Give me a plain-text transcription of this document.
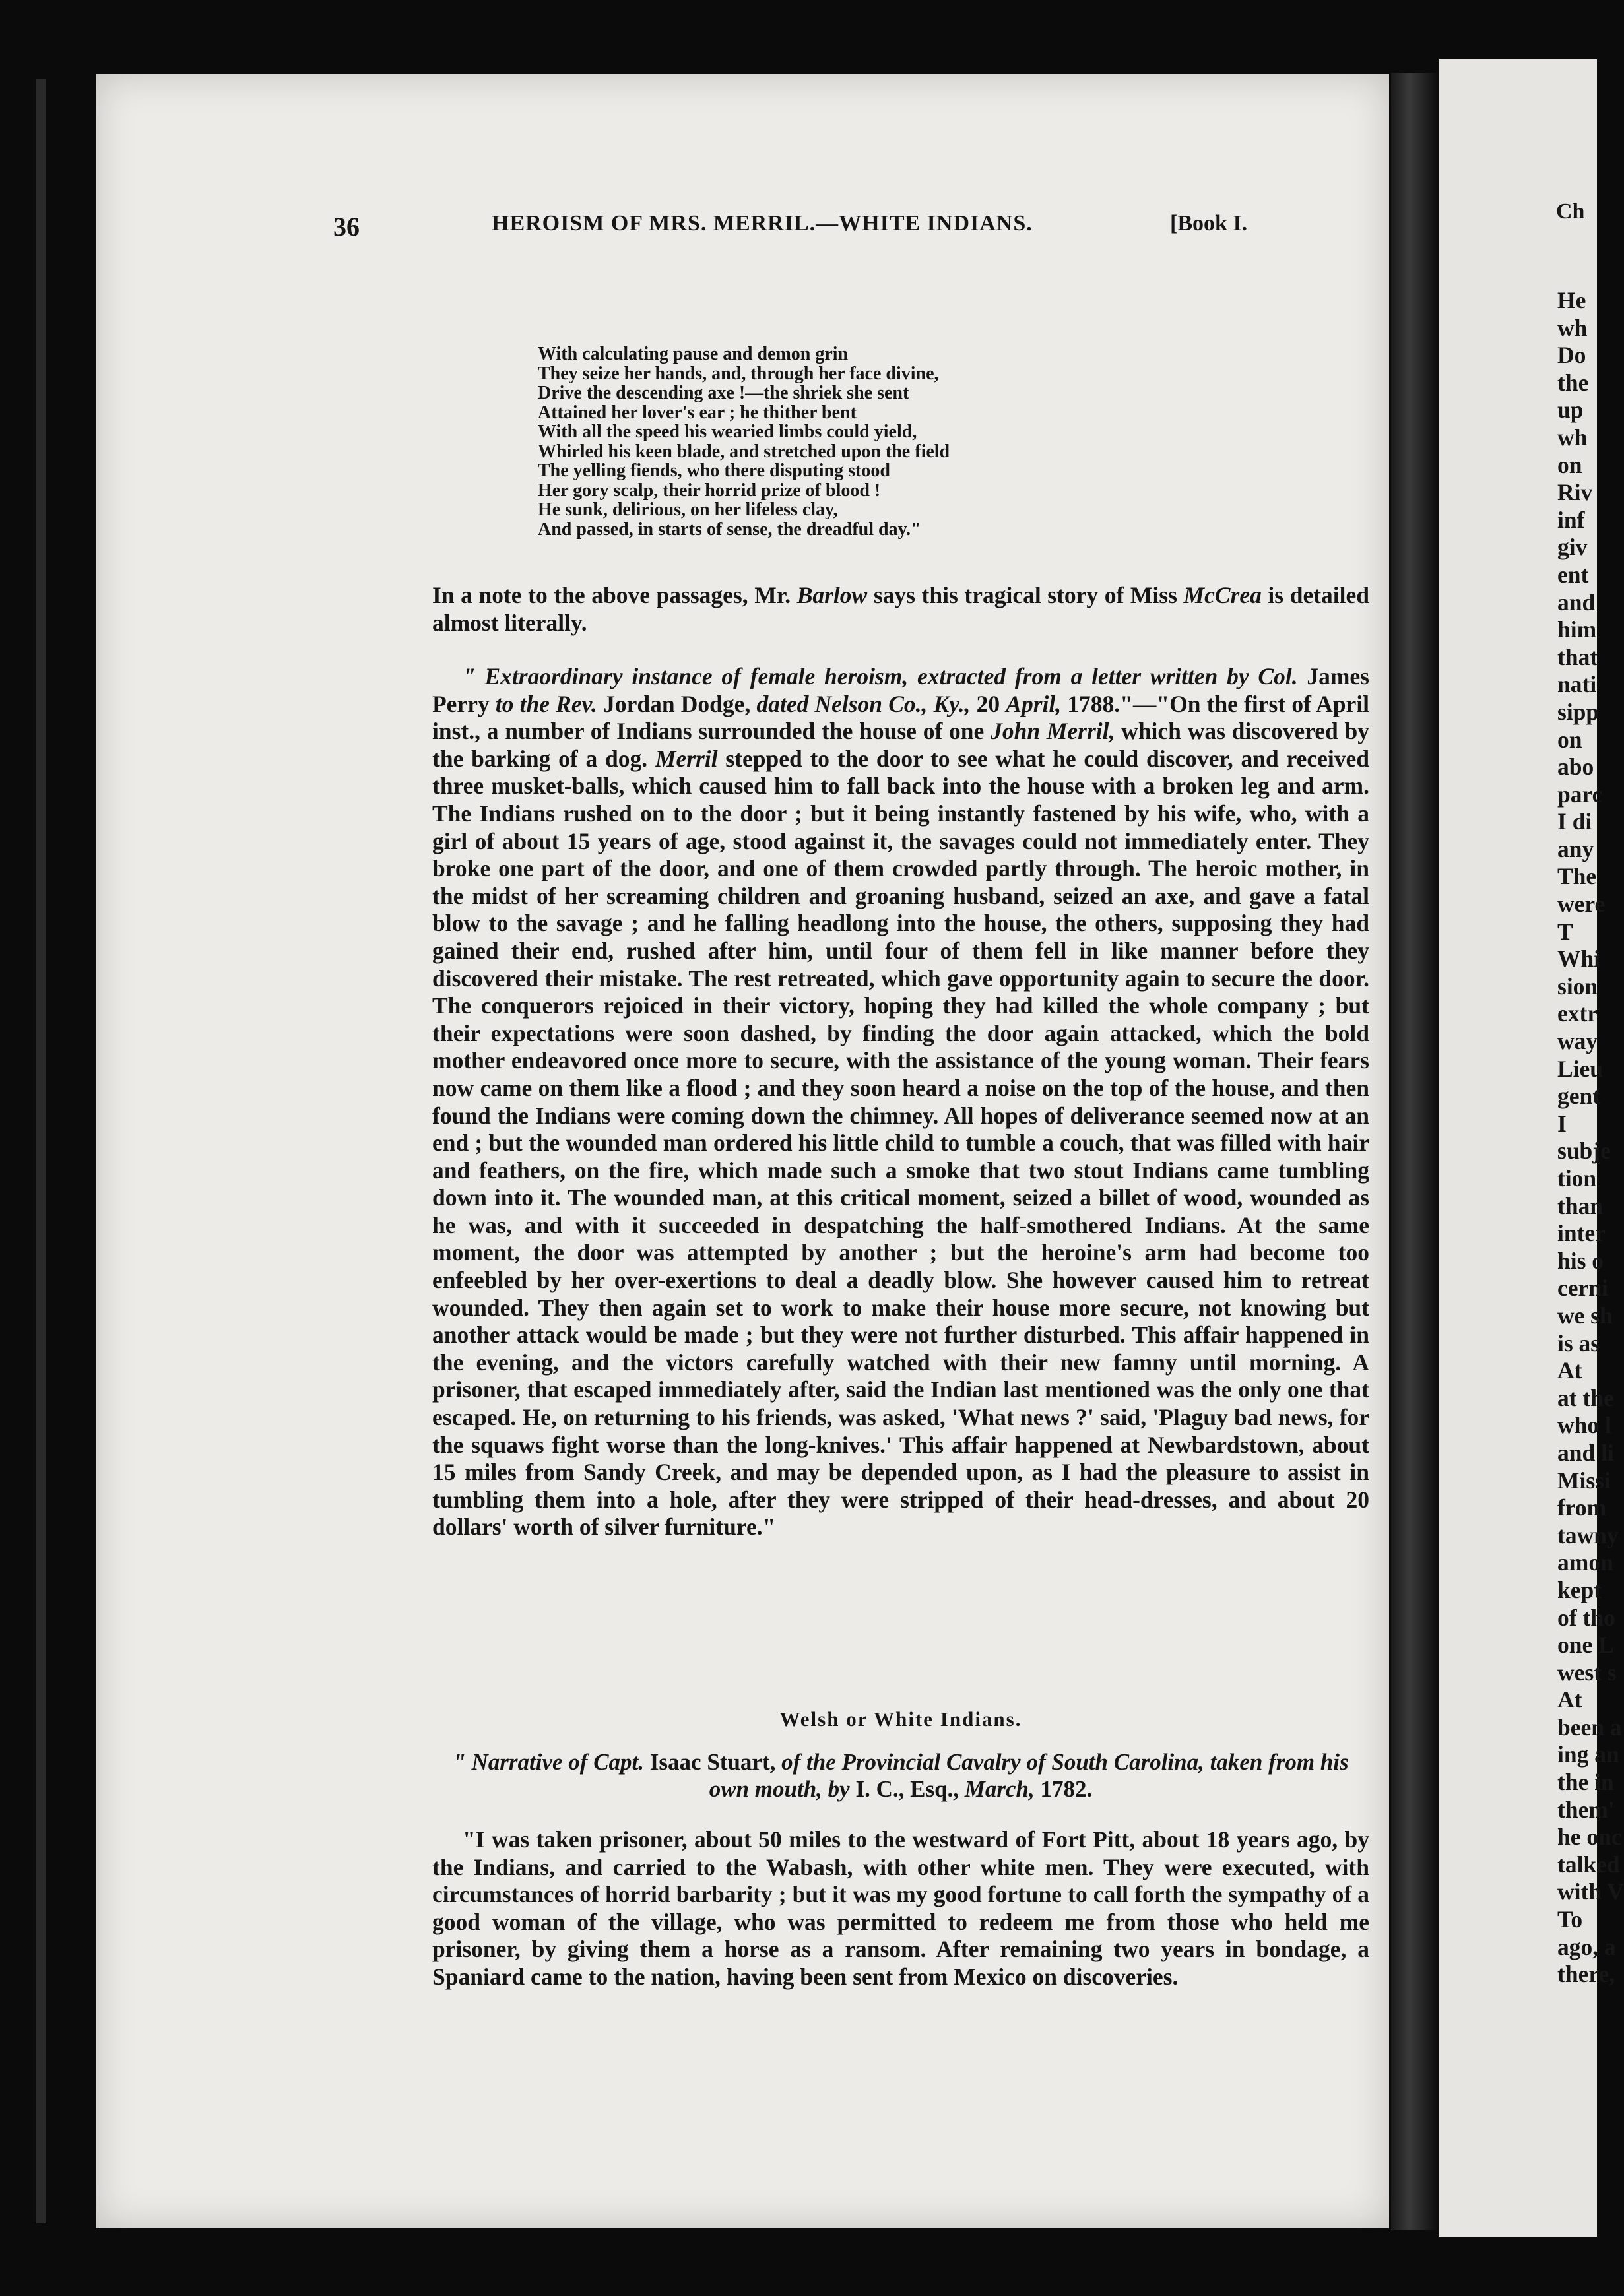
36	HEROISM OF MRS. MERRIL.—WHITE INDIANS.	[Book I.
With calculating pause and demon grin
They seize her hands, and, through her face divine,
Drive the descending axe !—the shriek she sent
Attained her lover's ear ; he thither bent
With all the speed his wearied limbs could yield,
Whirled his keen blade, and stretched upon the field
The yelling fiends, who there disputing stood
Her gory scalp, their horrid prize of blood !
He sunk, delirious, on her lifeless clay,
And passed, in starts of sense, the dreadful day."

In a note to the above passages, Mr. Barlow says this tragical story of Miss McCrea is detailed almost literally.

" Extraordinary instance of female heroism, extracted from a letter written by Col. James Perry to the Rev. Jordan Dodge, dated Nelson Co., Ky., 20 April, 1788."—"On the first of April inst., a number of Indians surrounded the house of one John Merril, which was discovered by the barking of a dog. Merril stepped to the door to see what he could discover, and received three musket-balls, which caused him to fall back into the house with a broken leg and arm. The Indians rushed on to the door ; but it being instantly fastened by his wife, who, with a girl of about 15 years of age, stood against it, the savages could not immediately enter. They broke one part of the door, and one of them crowded partly through. The heroic mother, in the midst of her screaming children and groaning husband, seized an axe, and gave a fatal blow to the savage ; and he falling headlong into the house, the others, supposing they had gained their end, rushed after him, until four of them fell in like manner before they discovered their mistake. The rest retreated, which gave opportunity again to secure the door. The conquerors rejoiced in their victory, hoping they had killed the whole company ; but their expectations were soon dashed, by finding the door again attacked, which the bold mother endeavored once more to secure, with the assistance of the young woman. Their fears now came on them like a flood ; and they soon heard a noise on the top of the house, and then found the Indians were coming down the chimney. All hopes of deliverance seemed now at an end ; but the wounded man ordered his little child to tumble a couch, that was filled with hair and feathers, on the fire, which made such a smoke that two stout Indians came tumbling down into it. The wounded man, at this critical moment, seized a billet of wood, wounded as he was, and with it succeeded in despatching the half-smothered Indians. At the same moment, the door was attempted by another ; but the heroine's arm had become too enfeebled by her over-exertions to deal a deadly blow. She however caused him to retreat wounded. They then again set to work to make their house more secure, not knowing but another attack would be made ; but they were not further disturbed. This affair happened in the evening, and the victors carefully watched with their new famny until morning. A prisoner, that escaped immediately after, said the Indian last mentioned was the only one that escaped. He, on returning to his friends, was asked, 'What news ?' said, 'Plaguy bad news, for the squaws fight worse than the long-knives.' This affair happened at Newbardstown, about 15 miles from Sandy Creek, and may be depended upon, as I had the pleasure to assist in tumbling them into a hole, after they were stripped of their head-dresses, and about 20 dollars' worth of silver furniture."

Welsh or White Indians.
" Narrative of Capt. Isaac Stuart, of the Provincial Cavalry of South Carolina, taken from his own mouth, by I. C., Esq., March, 1782.

"I was taken prisoner, about 50 miles to the westward of Fort Pitt, about 18 years ago, by the Indians, and carried to the Wabash, with other white men. They were executed, with circumstances of horrid barbarity ; but it was my good fortune to call forth the sympathy of a good woman of the village, who was permitted to redeem me from those who held me prisoner, by giving them a horse as a ransom. After remaining two years in bondage, a Spaniard came to the nation, having been sent from Mexico on discoveries.

Ch
He
wh
Do
the
up
wh
on
Riv
inf
giv
ent
and
him
that
nati
sipp
on
abo
parc
I di
any
The
were
T
Whi
sion
extr
way
Lieu
gent
I
subje
tion
than
inter
his o
cerni
we sh
is as
At
at the
who l
and li
Missi
from
tawny
amon
kept
of tho
one L
west s
At
been a
ing an
the in
them'
he onc
talked
with V
To
ago, a
there,
